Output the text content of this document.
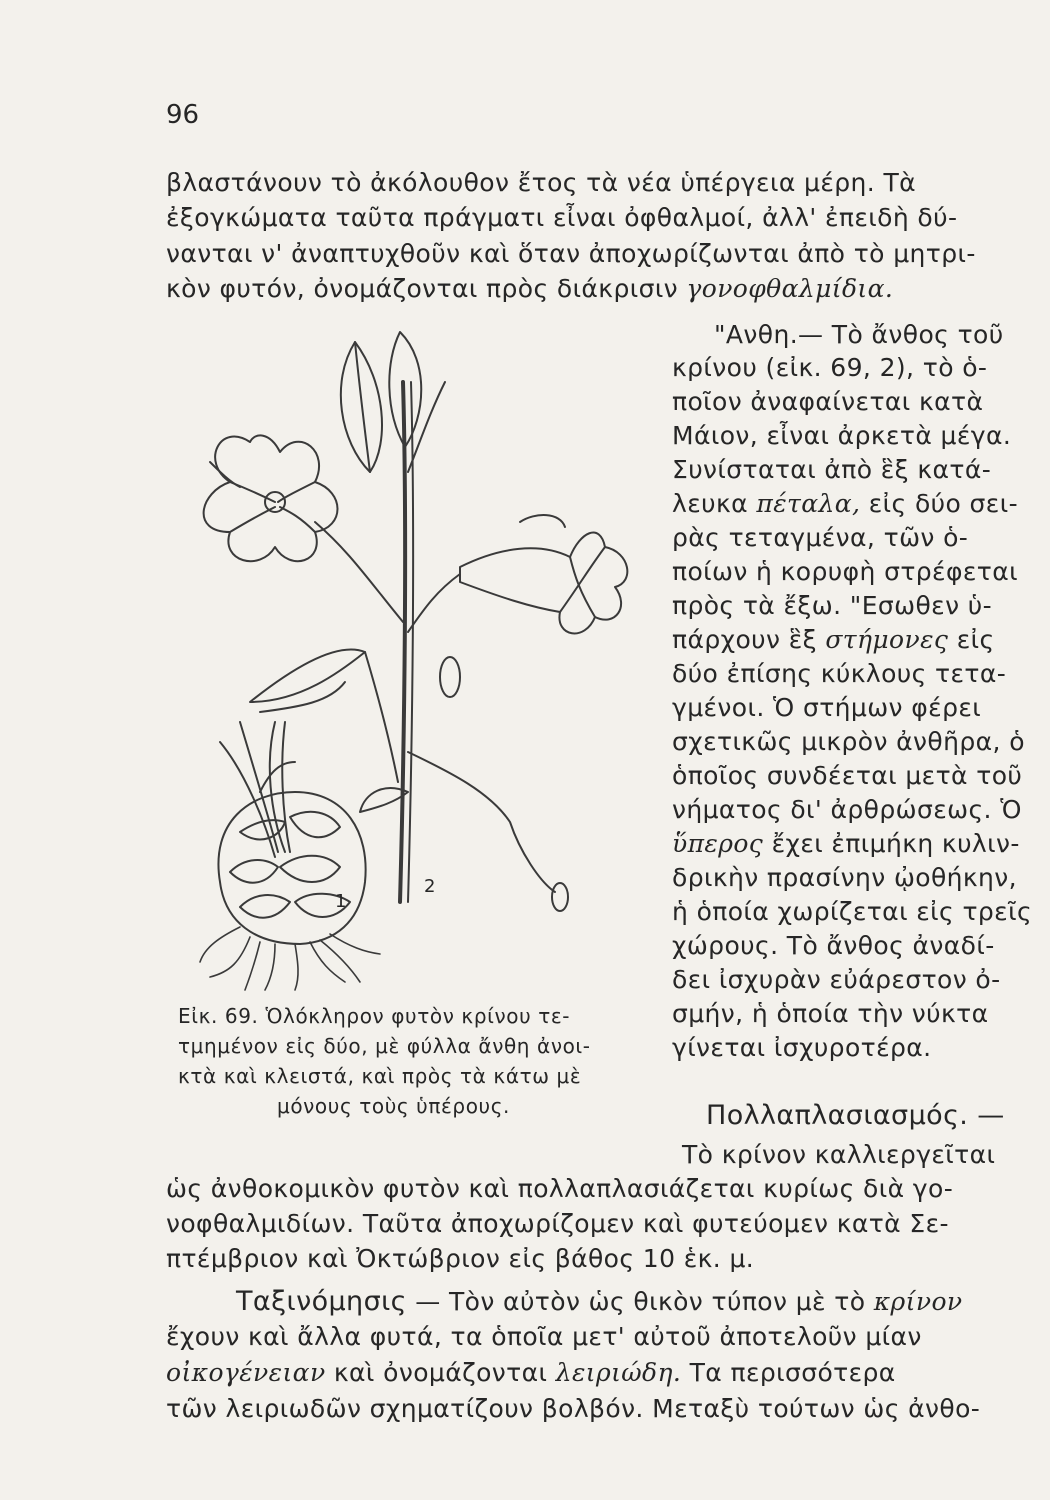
96
βλαστάνουν τὸ ἀκόλουθον ἔτος τὰ νέα ὑπέργεια μέρη. Τὰ
ἐξογκώματα ταῦτα πράγματι εἶναι ὀφθαλμοί, ἀλλ' ἐπειδὴ δύ-
νανται ν' ἀναπτυχθοῦν καὶ ὅταν ἀποχωρίζωνται ἀπὸ τὸ μητρι-
κὸν φυτόν, ὀνομάζονται πρὸς διάκρισιν γονοφθαλμίδια.
"Ανθη.— Τὸ ἄνθος τοῦ
κρίνου (εἰκ. 69, 2), τὸ ὁ-
ποῖον ἀναφαίνεται κατὰ
Μάιον, εἶναι ἀρκετὰ μέγα.
Συνίσταται ἀπὸ ἓξ κατά-
λευκα πέταλα, εἰς δύο σει-
ρὰς τεταγμένα, τῶν ὁ-
ποίων ἡ κορυφὴ στρέφεται
πρὸς τὰ ἔξω. "Εσωθεν ὑ-
πάρχουν ἓξ στήμονες εἰς
δύο ἐπίσης κύκλους τετα-
γμένοι. Ὁ στήμων φέρει
σχετικῶς μικρὸν ἀνθῆρα, ὁ
ὁποῖος συνδέεται μετὰ τοῦ
νήματος δι' ἀρθρώσεως. Ὁ
ὕπερος ἔχει ἐπιμήκη κυλιν-
δρικὴν πρασίνην ᾠοθήκην,
ἡ ὁποία χωρίζεται εἰς τρεῖς
χώρους. Τὸ ἄνθος ἀναδί-
δει ἰσχυρὰν εὐάρεστον ὀ-
σμήν, ἡ ὁποία τὴν νύκτα
γίνεται ἰσχυροτέρα.
1
2
Εἰκ. 69. Ὁλόκληρον φυτὸν κρίνου τε-
τμημένον εἰς δύο, μὲ φύλλα ἄνθη ἀνοι-
κτὰ καὶ κλειστά, καὶ πρὸς τὰ κάτω μὲ
μόνους τοὺς ὑπέρους.	Πολλαπλασιασμός. —
Τὸ κρίνον καλλιεργεῖται
ὡς ἀνθοκομικὸν φυτὸν καὶ πολλαπλασιάζεται κυρίως διὰ γο-
νοφθαλμιδίων. Ταῦτα ἀποχωρίζομεν καὶ φυτεύομεν κατὰ Σε-
πτέμβριον καὶ Ὀκτώβριον εἰς βάθος 10 ἑκ. μ.
Ταξινόμησις — Τὸν αὐτὸν ὡς θικὸν τύπον μὲ τὸ κρίνον
ἔχουν καὶ ἄλλα φυτά, τα ὁποῖα μετ' αὐτοῦ ἀποτελοῦν μίαν
οἰκογένειαν καὶ ὀνομάζονται λειριώδη. Τα περισσότερα
τῶν λειριωδῶν σχηματίζουν βολβόν. Μεταξὺ τούτων ὡς ἀνθο-
